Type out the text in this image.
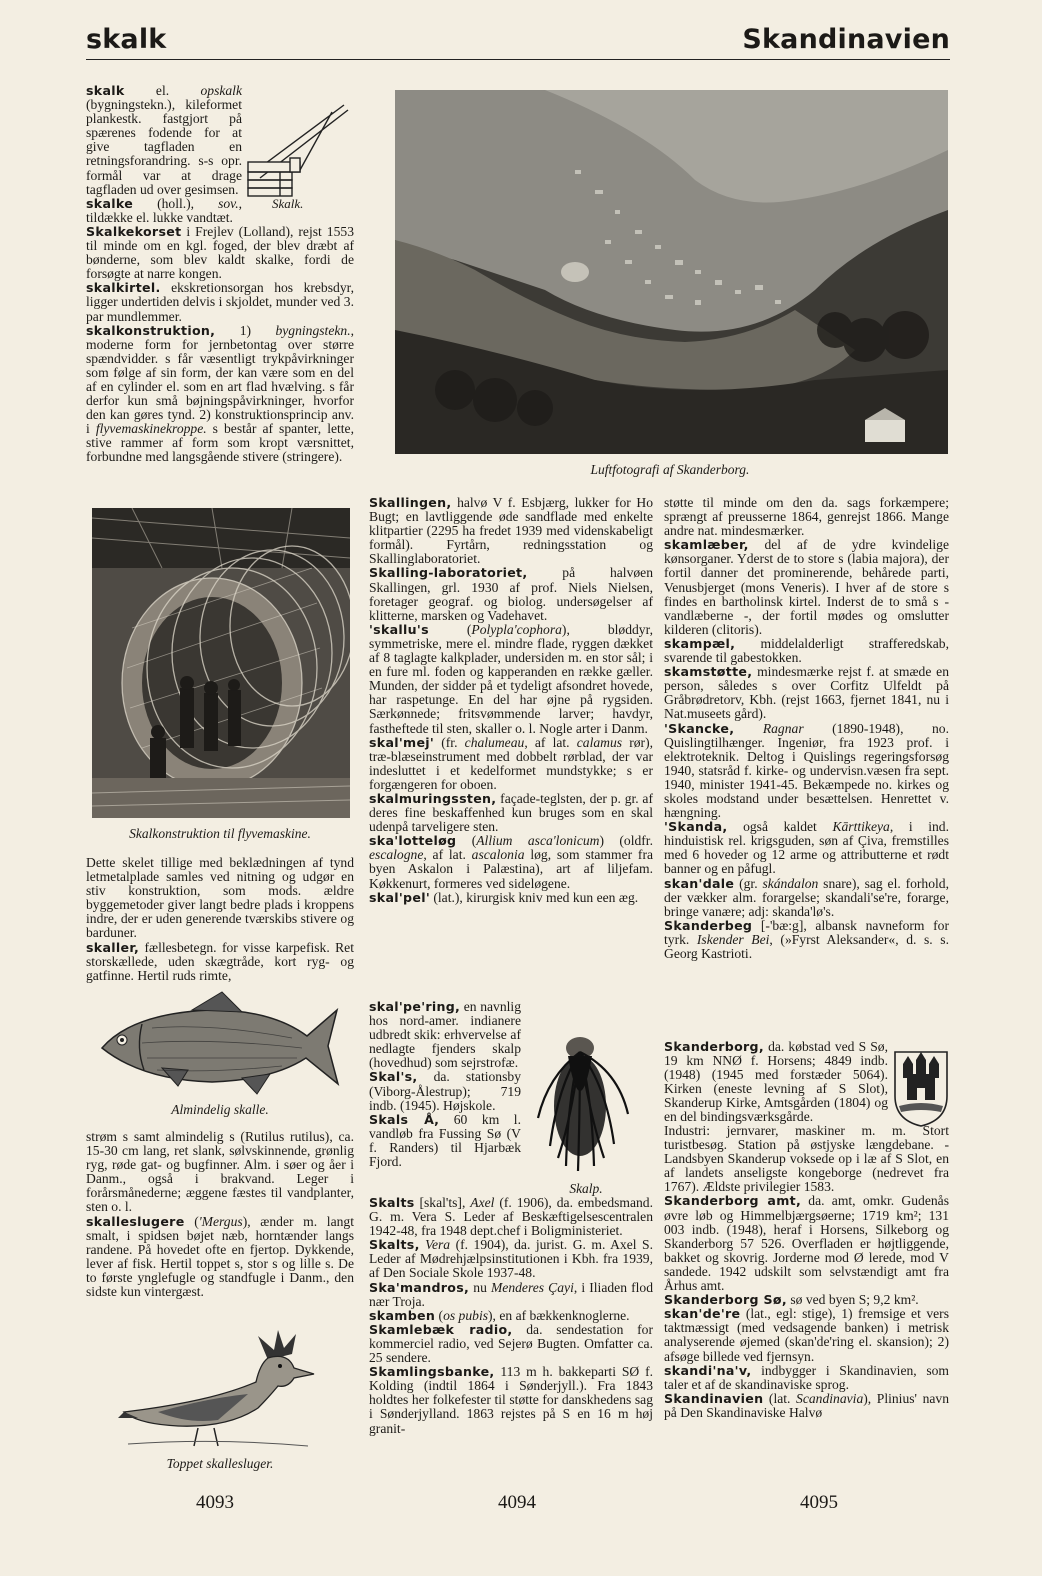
skalk	Skandinavien

skalk el. opskalk (bygningstekn.), kileformet plankestk. fastgjort på spærenes fodende for at give tagfladen en retningsforandring. s-s opr. formål var at drage tagfladen ud over gesimsen.

skalke (holl.), sov., tildække el. lukke vandtæt.

Skalkekorset i Frejlev (Lolland), rejst 1553 til minde om en kgl. foged, der blev dræbt af bønderne, som blev kaldt skalke, fordi de forsøgte at narre kongen.

skalkirtel. ekskretionsorgan hos krebsdyr, ligger undertiden delvis i skjoldet, munder ved 3. par mundlemmer.

skalkonstruktion, 1) bygningstekn., moderne form for jernbetontag over større spændvidder. s får væsentligt trykpåvirkninger som følge af sin form, der kan være som en del af en cylinder el. som en art flad hvælving. s får derfor kun små bøjningspåvirkninger, hvorfor den kan gøres tynd. 2) konstruktionsprincip anv. i flyvemaskinekroppe. s består af spanter, lette, stive rammer af form som kropt værsnittet, forbundne med langsgående stivere (stringere).

Skalk.
Skalkonstruktion til flyvemaskine.

Dette skelet tillige med beklædningen af tynd letmetalplade samles ved nitning og udgør en stiv konstruktion, som mods. ældre byggemetoder giver langt bedre plads i kroppens indre, der er uden generende tværskibs stivere og barduner.

skaller, fællesbetegn. for visse karpefisk. Ret storskællede, uden skægtråde, kort ryg- og gatfinne. Hertil ruds rimte,

Almindelig skalle.

strøm s samt almindelig s (Rutilus rutilus), ca. 15-30 cm lang, ret slank, sølvskinnende, grønlig ryg, røde gat- og bugfinner. Alm. i søer og åer i Danm., også i brakvand. Leger i forårsmånederne; æggene fæstes til vandplanter, sten o. l.

skalleslugere ('Mergus), ænder m. langt smalt, i spidsen bøjet næb, horntænder langs randene. På hovedet ofte en fjertop. Dykkende, lever af fisk. Hertil toppet s, stor s og lille s. De to første ynglefugle og standfugle i Danm., den sidste kun vintergæst.

Toppet skallesluger.
Luftfotografi af Skanderborg.

Skallingen, halvø V f. Esbjærg, lukker for Ho Bugt; en lavtliggende øde sandflade med enkelte klitpartier (2295 ha fredet 1939 med videnskabeligt formål). Fyrtårn, redningsstation og Skallinglaboratoriet.

Skalling-laboratoriet, på halvøen Skallingen, grl. 1930 af prof. Niels Nielsen, foretager geograf. og biolog. undersøgelser af klitterne, marsken og Vadehavet.

'skallu's (Polypla'cophora), bløddyr, symmetriske, mere el. mindre flade, ryggen dækket af 8 taglagte kalkplader, undersiden m. en stor sål; i en fure ml. foden og kapperanden en række gæller. Munden, der sidder på et tydeligt afsondret hovede, har raspetunge. En del har øjne på rygsiden. Særkønnede; fritsvømmende larver; havdyr, fastheftede til sten, skaller o. l. Nogle arter i Danm.

skal'mej' (fr. chalumeau, af lat. calamus rør), træ-blæseinstrument med dobbelt rørblad, der var indesluttet i et kedelformet mundstykke; s er forgængeren for oboen.

skalmuringssten, façade-teglsten, der p. gr. af deres fine beskaffenhed kun bruges som en skal udenpå tarveligere sten.

ska'lotteløg (Allium asca'lonicum) (oldfr. escalogne, af lat. ascalonia løg, som stammer fra byen Askalon i Palæstina), art af liljefam. Køkkenurt, formeres ved sideløgene.

skal'pel' (lat.), kirurgisk kniv med kun een æg.

skal'pe'ring, en navnlig hos nord-amer. indianere udbredt skik: erhvervelse af nedlagte fjenders skalp (hovedhud) som sejrstrofæ.

Skal's, da. stationsby (Viborg-Ålestrup); 719 indb. (1945). Højskole.

Skals Å, 60 km l. vandløb fra Fussing Sø (V f. Randers) til Hjarbæk Fjord.

Skalp.

Skalts [skal'ts], Axel (f. 1906), da. embedsmand. G. m. Vera S. Leder af Beskæftigelsescentralen 1942-48, fra 1948 dept.chef i Boligministeriet.

Skalts, Vera (f. 1904), da. jurist. G. m. Axel S. Leder af Mødrehjælpsinstitutionen i Kbh. fra 1939, af Den Sociale Skole 1937-48.

Ska'mandros, nu Menderes Çayi, i Iliaden flod nær Troja.

skamben (os pubis), en af bækkenknoglerne.

Skamlebæk radio, da. sendestation for kommerciel radio, ved Sejerø Bugten. Omfatter ca. 25 sendere.

Skamlingsbanke, 113 m h. bakkeparti SØ f. Kolding (indtil 1864 i Sønderjyll.). Fra 1843 holdtes her folkefester til støtte for danskhedens sag i Sønderjylland. 1863 rejstes på S en 16 m høj granit-

støtte til minde om den da. sags forkæmpere; sprængt af preusserne 1864, genrejst 1866. Mange andre nat. mindesmærker.

skamlæber, del af de ydre kvindelige kønsorganer. Yderst de to store s (labia majora), der fortil danner det prominerende, behårede parti, Venusbjerget (mons Veneris). I hver af de store s findes en bartholinsk kirtel. Inderst de to små s - vandlæberne -, der fortil mødes og omslutter kilderen (clitoris).

skampæl, middelalderligt strafferedskab, svarende til gabestokken.

skamstøtte, mindesmærke rejst f. at smæde en person, således s over Corfitz Ulfeldt på Gråbrødretorv, Kbh. (rejst 1663, fjernet 1841, nu i Nat.museets gård).

'Skancke, Ragnar (1890-1948), no. Quislingtilhænger. Ingeniør, fra 1923 prof. i elektroteknik. Deltog i Quislings regeringsforsøg 1940, statsråd f. kirke- og undervisn.væsen fra sept. 1940, minister 1941-45. Bekæmpede no. kirkes og skoles modstand under besættelsen. Henrettet v. hængning.

'Skanda, også kaldet Kārttikeya, i ind. hinduistisk rel. krigsguden, søn af Çiva, fremstilles med 6 hoveder og 12 arme og attributterne et rødt banner og en påfugl.

skan'dale (gr. skándalon snare), sag el. forhold, der vækker alm. forargelse; skandali'se're, forarge, bringe vanære; adj: skanda'lø's.

Skanderbeg [-'bæ:g], albansk navneform for tyrk. Iskender Bei, (»Fyrst Aleksander«, d. s. s. Georg Kastrioti.

Skanderborg, da. købstad ved S Sø, 19 km NNØ f. Horsens; 4849 indb. (1948) (1945 med forstæder 5064). Kirken (eneste levning af S Slot), Skanderup Kirke, Amtsgården (1804) og en del bindingsværksgårde.

Industri: jernvarer, maskiner m. m. Stort turistbesøg. Station på østjyske længdebane. - Landsbyen Skanderup voksede op i læ af S Slot, en af landets ansеligste kongeborge (nedrevet fra 1767). Ældste privilegier 1583.

Skanderborg amt, da. amt, omkr. Gudenås øvre løb og Himmelbjærgsøerne; 1719 km²; 131 003 indb. (1948), heraf i Horsens, Silkeborg og Skanderborg 57 526. Overfladen er højtliggende, bakket og skovrig. Jorderne mod Ø lerede, mod V sandede. 1942 udskilt som selvstændigt amt fra Århus amt.

Skanderborg Sø, sø ved byen S; 9,2 km².

skan'de're (lat., egl: stige), 1) fremsige et vers taktmæssigt (med vedsagende banken) i metrisk analyserende øjemed (skan'de'ring el. skansion); 2) afsøge billede ved fjernsyn.

skandi'na'v, indbygger i Skandinavien, som taler et af de skandinaviske sprog.

Skandinavien (lat. Scandinavia), Plinius' navn på Den Skandinaviske Halvø

4093	4094	4095
